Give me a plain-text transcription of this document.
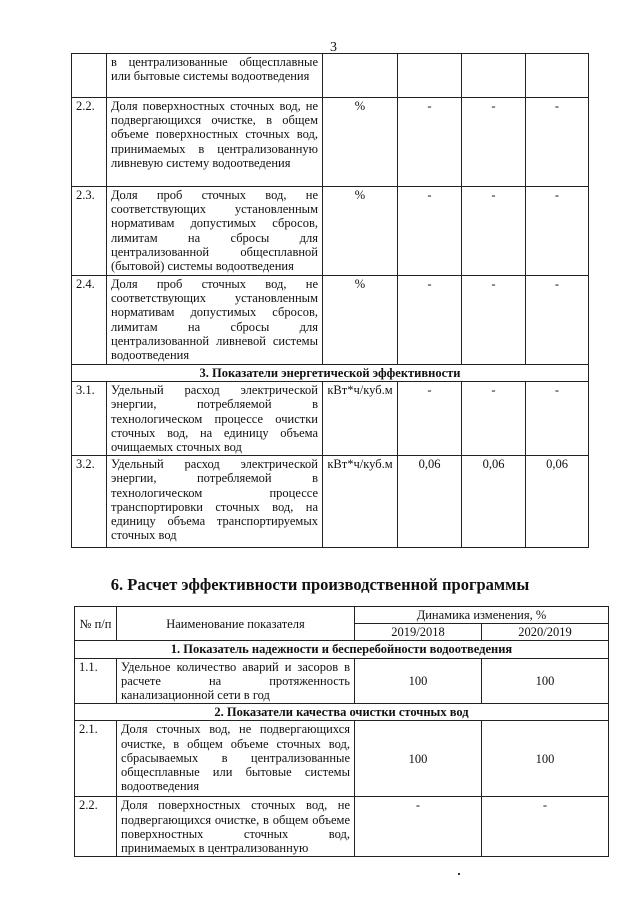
3
	в централизованные общесплавные или бытовые системы водоотведения				
2.2.	Доля поверхностных сточных вод, не подвергающихся очистке, в общем объеме поверхностных сточных вод, принимаемых в централизованную ливневую систему водоотведения	%	-	-	-
2.3.	Доля проб сточных вод, не соответствующих установленным нормативам допустимых сбросов, лимитам на сбросы для централизованной общесплавной (бытовой) системы водоотведения	%	-	-	-
2.4.	Доля проб сточных вод, не соответствующих установленным нормативам допустимых сбросов, лимитам на сбросы для централизованной ливневой системы водоотведения	%	-	-	-
3. Показатели энергетической эффективности					
3.1.	Удельный расход электрической энергии, потребляемой в технологическом процессе очистки сточных вод, на единицу объема очищаемых сточных вод	кВт*ч/куб.м	-	-	-
3.2.	Удельный расход электрической энергии, потребляемой в технологическом процессе транспортировки сточных вод, на единицу объема транспортируемых сточных вод	кВт*ч/куб.м	0,06	0,06	0,06
6. Расчет эффективности производственной программы
№ п/п	Наименование показателя	Динамика изменения, %	
		2019/2018	2020/2019
1. Показатель надежности и бесперебойности водоотведения			
1.1.	Удельное количество аварий и засоров в расчете на протяженность канализационной сети в год	100	100
2. Показатели качества очистки сточных вод			
2.1.	Доля сточных вод, не подвергающихся очистке, в общем объеме сточных вод, сбрасываемых в централизованные общесплавные или бытовые системы водоотведения	100	100
2.2.	Доля поверхностных сточных вод, не подвергающихся очистке, в общем объеме поверхностных сточных вод, принимаемых в централизованную	-	-
